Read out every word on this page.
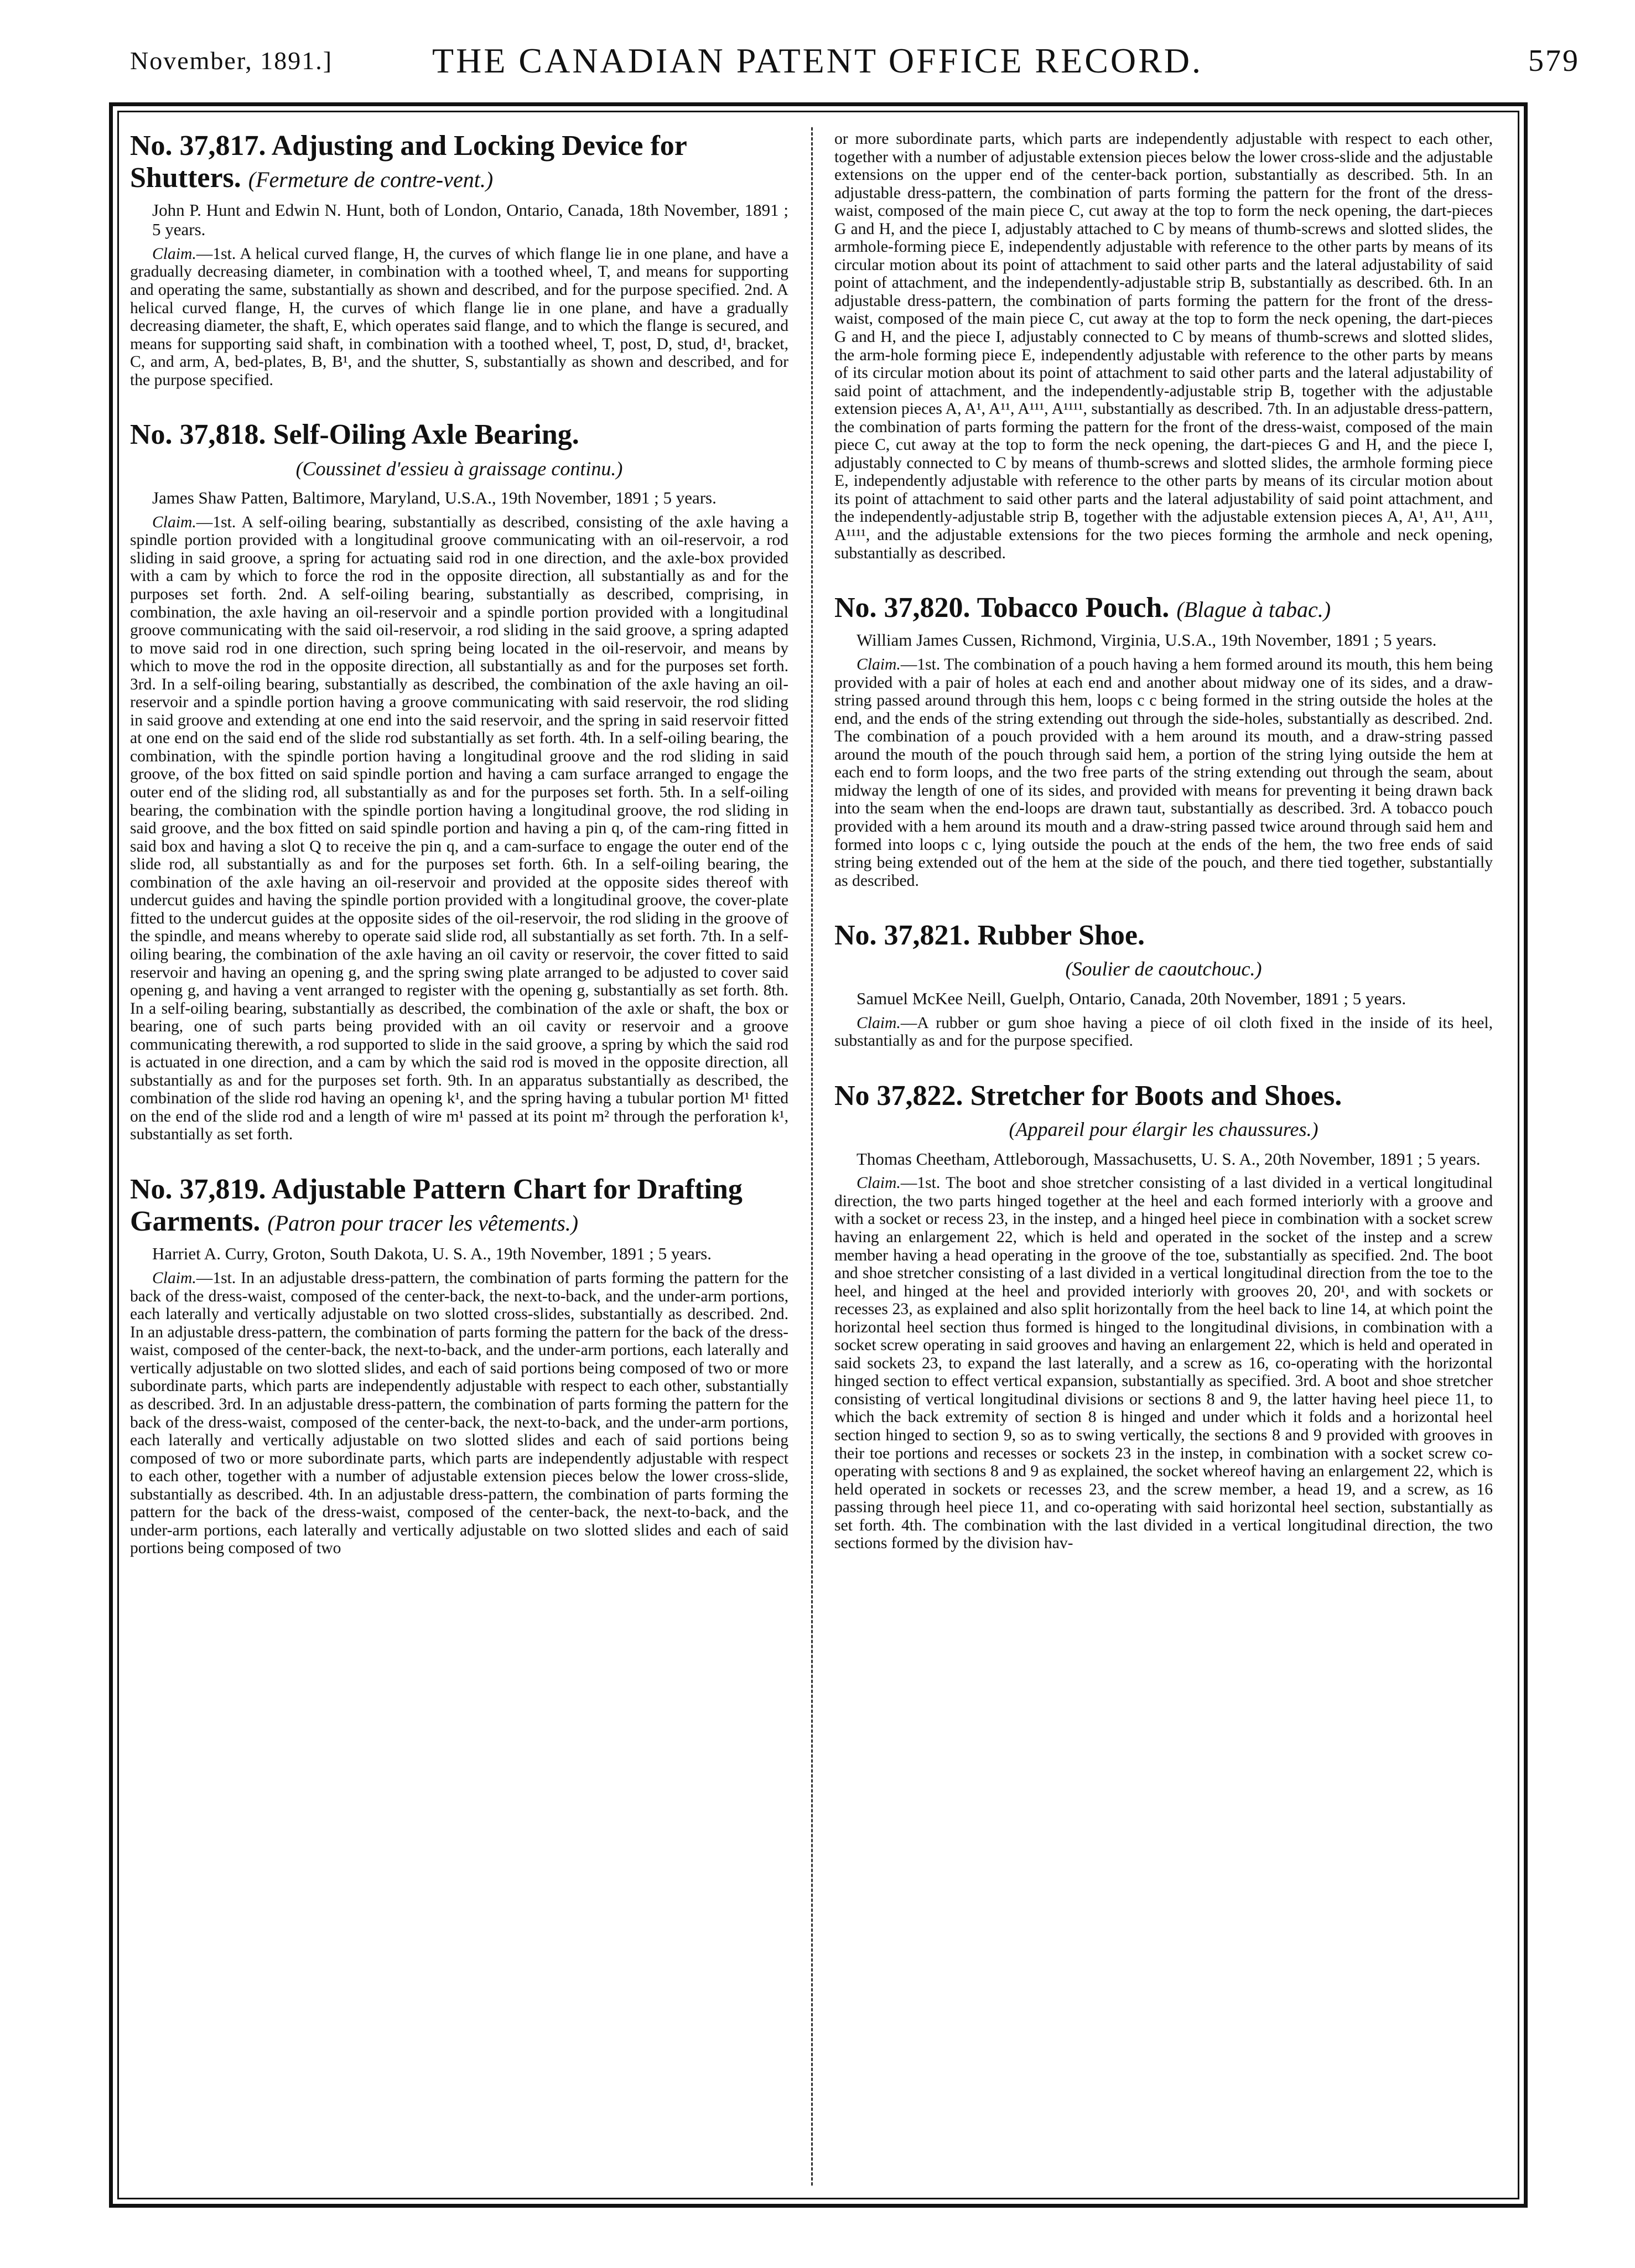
November, 1891.]	THE CANADIAN PATENT OFFICE RECORD.	579
No. 37,817. Adjusting and Locking Device for Shutters. (Fermeture de contre-vent.)

John P. Hunt and Edwin N. Hunt, both of London, Ontario, Canada, 18th November, 1891 ; 5 years.

Claim.—1st. A helical curved flange, H, the curves of which flange lie in one plane, and have a gradually decreasing diameter, in combination with a toothed wheel, T, and means for supporting and operating the same, substantially as shown and described, and for the purpose specified. 2nd. A helical curved flange, H, the curves of which flange lie in one plane, and have a gradually decreasing diameter, the shaft, E, which operates said flange, and to which the flange is secured, and means for supporting said shaft, in combination with a toothed wheel, T, post, D, stud, d¹, bracket, C, and arm, A, bed-plates, B, B¹, and the shutter, S, substantially as shown and described, and for the purpose specified.

No. 37,818. Self-Oiling Axle Bearing.

(Coussinet d'essieu à graissage continu.)

James Shaw Patten, Baltimore, Maryland, U.S.A., 19th November, 1891 ; 5 years.

Claim.—1st. A self-oiling bearing, substantially as described, consisting of the axle having a spindle portion provided with a longitudinal groove communicating with an oil-reservoir, a rod sliding in said groove, a spring for actuating said rod in one direction, and the axle-box provided with a cam by which to force the rod in the opposite direction, all substantially as and for the purposes set forth. 2nd. A self-oiling bearing, substantially as described, comprising, in combination, the axle having an oil-reservoir and a spindle portion provided with a longitudinal groove communicating with the said oil-reservoir, a rod sliding in the said groove, a spring adapted to move said rod in one direction, such spring being located in the oil-reservoir, and means by which to move the rod in the opposite direction, all substantially as and for the purposes set forth. 3rd. In a self-oiling bearing, substantially as described, the combination of the axle having an oil-reservoir and a spindle portion having a groove communicating with said reservoir, the rod sliding in said groove and extending at one end into the said reservoir, and the spring in said reservoir fitted at one end on the said end of the slide rod substantially as set forth. 4th. In a self-oiling bearing, the combination, with the spindle portion having a longitudinal groove and the rod sliding in said groove, of the box fitted on said spindle portion and having a cam surface arranged to engage the outer end of the sliding rod, all substantially as and for the purposes set forth. 5th. In a self-oiling bearing, the combination with the spindle portion having a longitudinal groove, the rod sliding in said groove, and the box fitted on said spindle portion and having a pin q, of the cam-ring fitted in said box and having a slot Q to receive the pin q, and a cam-surface to engage the outer end of the slide rod, all substantially as and for the purposes set forth. 6th. In a self-oiling bearing, the combination of the axle having an oil-reservoir and provided at the opposite sides thereof with undercut guides and having the spindle portion provided with a longitudinal groove, the cover-plate fitted to the undercut guides at the opposite sides of the oil-reservoir, the rod sliding in the groove of the spindle, and means whereby to operate said slide rod, all substantially as set forth. 7th. In a self-oiling bearing, the combination of the axle having an oil cavity or reservoir, the cover fitted to said reservoir and having an opening g, and the spring swing plate arranged to be adjusted to cover said opening g, and having a vent arranged to register with the opening g, substantially as set forth. 8th. In a self-oiling bearing, substantially as described, the combination of the axle or shaft, the box or bearing, one of such parts being provided with an oil cavity or reservoir and a groove communicating therewith, a rod supported to slide in the said groove, a spring by which the said rod is actuated in one direction, and a cam by which the said rod is moved in the opposite direction, all substantially as and for the purposes set forth. 9th. In an apparatus substantially as described, the combination of the slide rod having an opening k¹, and the spring having a tubular portion M¹ fitted on the end of the slide rod and a length of wire m¹ passed at its point m² through the perforation k¹, substantially as set forth.

No. 37,819. Adjustable Pattern Chart for Drafting Garments. (Patron pour tracer les vêtements.)

Harriet A. Curry, Groton, South Dakota, U. S. A., 19th November, 1891 ; 5 years.

Claim.—1st. In an adjustable dress-pattern, the combination of parts forming the pattern for the back of the dress-waist, composed of the center-back, the next-to-back, and the under-arm portions, each laterally and vertically adjustable on two slotted cross-slides, substantially as described. 2nd. In an adjustable dress-pattern, the combination of parts forming the pattern for the back of the dress-waist, composed of the center-back, the next-to-back, and the under-arm portions, each laterally and vertically adjustable on two slotted slides, and each of said portions being composed of two or more subordinate parts, which parts are independently adjustable with respect to each other, substantially as described. 3rd. In an adjustable dress-pattern, the combination of parts forming the pattern for the back of the dress-waist, composed of the center-back, the next-to-back, and the under-arm portions, each laterally and vertically adjustable on two slotted slides and each of said portions being composed of two or more subordinate parts, which parts are independently adjustable with respect to each other, together with a number of adjustable extension pieces below the lower cross-slide, substantially as described. 4th. In an adjustable dress-pattern, the combination of parts forming the pattern for the back of the dress-waist, composed of the center-back, the next-to-back, and the under-arm portions, each laterally and vertically adjustable on two slotted slides and each of said portions being composed of two

or more subordinate parts, which parts are independently adjustable with respect to each other, together with a number of adjustable extension pieces below the lower cross-slide and the adjustable extensions on the upper end of the center-back portion, substantially as described. 5th. In an adjustable dress-pattern, the combination of parts forming the pattern for the front of the dress-waist, composed of the main piece C, cut away at the top to form the neck opening, the dart-pieces G and H, and the piece I, adjustably attached to C by means of thumb-screws and slotted slides, the armhole-forming piece E, independently adjustable with reference to the other parts by means of its circular motion about its point of attachment to said other parts and the lateral adjustability of said point of attachment, and the independently-adjustable strip B, substantially as described. 6th. In an adjustable dress-pattern, the combination of parts forming the pattern for the front of the dress-waist, composed of the main piece C, cut away at the top to form the neck opening, the dart-pieces G and H, and the piece I, adjustably connected to C by means of thumb-screws and slotted slides, the arm-hole forming piece E, independently adjustable with reference to the other parts by means of its circular motion about its point of attachment to said other parts and the lateral adjustability of said point of attachment, and the independently-adjustable strip B, together with the adjustable extension pieces A, A¹, A¹¹, A¹¹¹, A¹¹¹¹, substantially as described. 7th. In an adjustable dress-pattern, the combination of parts forming the pattern for the front of the dress-waist, composed of the main piece C, cut away at the top to form the neck opening, the dart-pieces G and H, and the piece I, adjustably connected to C by means of thumb-screws and slotted slides, the armhole forming piece E, independently adjustable with reference to the other parts by means of its circular motion about its point of attachment to said other parts and the lateral adjustability of said point attachment, and the independently-adjustable strip B, together with the adjustable extension pieces A, A¹, A¹¹, A¹¹¹, A¹¹¹¹, and the adjustable extensions for the two pieces forming the armhole and neck opening, substantially as described.

No. 37,820. Tobacco Pouch. (Blague à tabac.)

William James Cussen, Richmond, Virginia, U.S.A., 19th November, 1891 ; 5 years.

Claim.—1st. The combination of a pouch having a hem formed around its mouth, this hem being provided with a pair of holes at each end and another about midway one of its sides, and a draw-string passed around through this hem, loops c c being formed in the string outside the holes at the end, and the ends of the string extending out through the side-holes, substantially as described. 2nd. The combination of a pouch provided with a hem around its mouth, and a draw-string passed around the mouth of the pouch through said hem, a portion of the string lying outside the hem at each end to form loops, and the two free parts of the string extending out through the seam, about midway the length of one of its sides, and provided with means for preventing it being drawn back into the seam when the end-loops are drawn taut, substantially as described. 3rd. A tobacco pouch provided with a hem around its mouth and a draw-string passed twice around through said hem and formed into loops c c, lying outside the pouch at the ends of the hem, the two free ends of said string being extended out of the hem at the side of the pouch, and there tied together, substantially as described.

No. 37,821. Rubber Shoe.

(Soulier de caoutchouc.)

Samuel McKee Neill, Guelph, Ontario, Canada, 20th November, 1891 ; 5 years.

Claim.—A rubber or gum shoe having a piece of oil cloth fixed in the inside of its heel, substantially as and for the purpose specified.

No 37,822. Stretcher for Boots and Shoes.

(Appareil pour élargir les chaussures.)

Thomas Cheetham, Attleborough, Massachusetts, U. S. A., 20th November, 1891 ; 5 years.

Claim.—1st. The boot and shoe stretcher consisting of a last divided in a vertical longitudinal direction, the two parts hinged together at the heel and each formed interiorly with a groove and with a socket or recess 23, in the instep, and a hinged heel piece in combination with a socket screw having an enlargement 22, which is held and operated in the socket of the instep and a screw member having a head operating in the groove of the toe, substantially as specified. 2nd. The boot and shoe stretcher consisting of a last divided in a vertical longitudinal direction from the toe to the heel, and hinged at the heel and provided interiorly with grooves 20, 20¹, and with sockets or recesses 23, as explained and also split horizontally from the heel back to line 14, at which point the horizontal heel section thus formed is hinged to the longitudinal divisions, in combination with a socket screw operating in said grooves and having an enlargement 22, which is held and operated in said sockets 23, to expand the last laterally, and a screw as 16, co-operating with the horizontal hinged section to effect vertical expansion, substantially as specified. 3rd. A boot and shoe stretcher consisting of vertical longitudinal divisions or sections 8 and 9, the latter having heel piece 11, to which the back extremity of section 8 is hinged and under which it folds and a horizontal heel section hinged to section 9, so as to swing vertically, the sections 8 and 9 provided with grooves in their toe portions and recesses or sockets 23 in the instep, in combination with a socket screw co-operating with sections 8 and 9 as explained, the socket whereof having an enlargement 22, which is held operated in sockets or recesses 23, and the screw member, a head 19, and a screw, as 16 passing through heel piece 11, and co-operating with said horizontal heel section, substantially as set forth. 4th. The combination with the last divided in a vertical longitudinal direction, the two sections formed by the division hav-
